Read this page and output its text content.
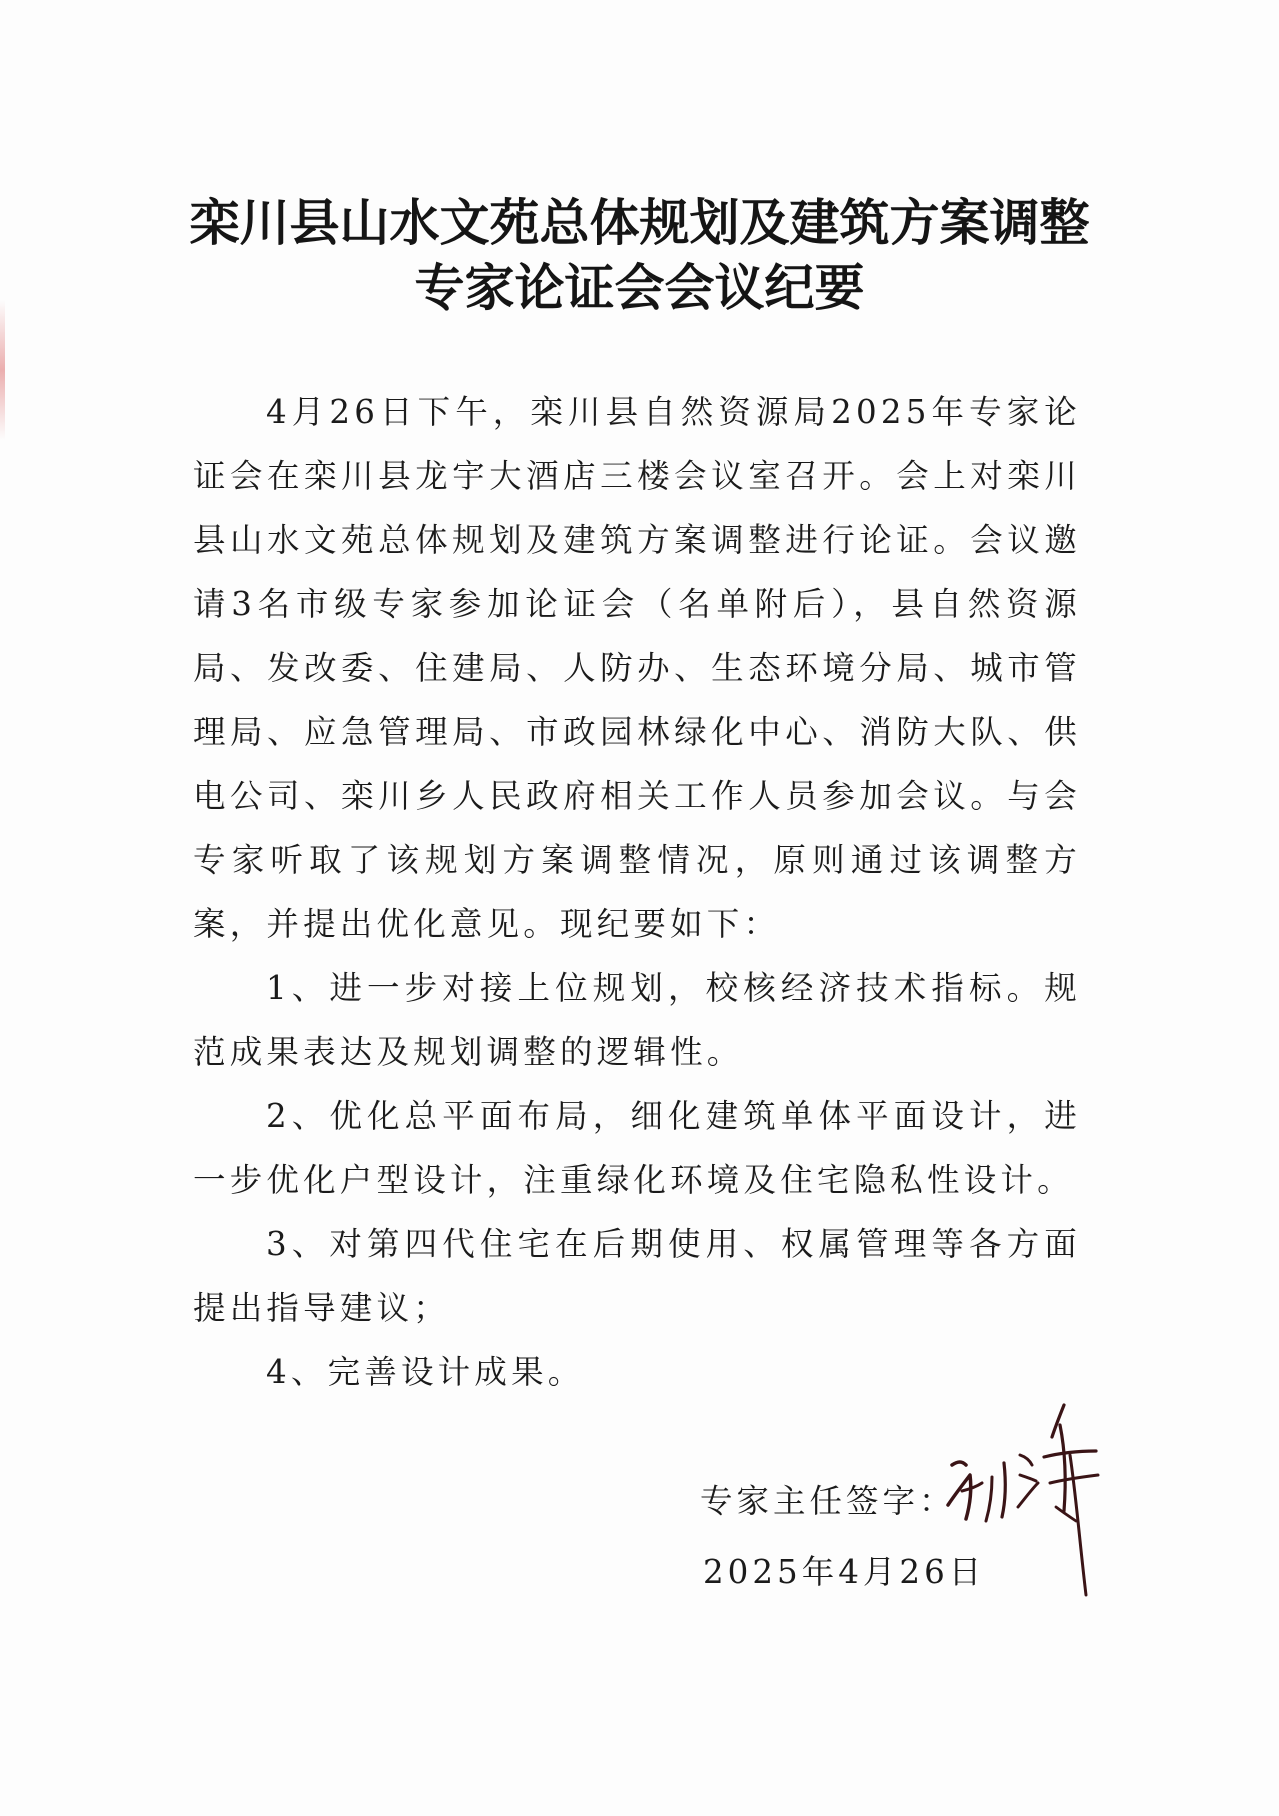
栾川县山水文苑总体规划及建筑方案调整
专家论证会会议纪要

4月26日下午，栾川县自然资源局2025年专家论证会在栾川县龙宇大酒店三楼会议室召开。会上对栾川县山水文苑总体规划及建筑方案调整进行论证。会议邀请3名市级专家参加论证会（名单附后），县自然资源局、发改委、住建局、人防办、生态环境分局、城市管理局、应急管理局、市政园林绿化中心、消防大队、供电公司、栾川乡人民政府相关工作人员参加会议。与会专家听取了该规划方案调整情况，原则通过该调整方案，并提出优化意见。现纪要如下：

1、进一步对接上位规划，校核经济技术指标。规范成果表达及规划调整的逻辑性。

2、优化总平面布局，细化建筑单体平面设计，进一步优化户型设计，注重绿化环境及住宅隐私性设计。

3、对第四代住宅在后期使用、权属管理等各方面提出指导建议；

4、完善设计成果。

专家主任签字：
2025年4月26日
